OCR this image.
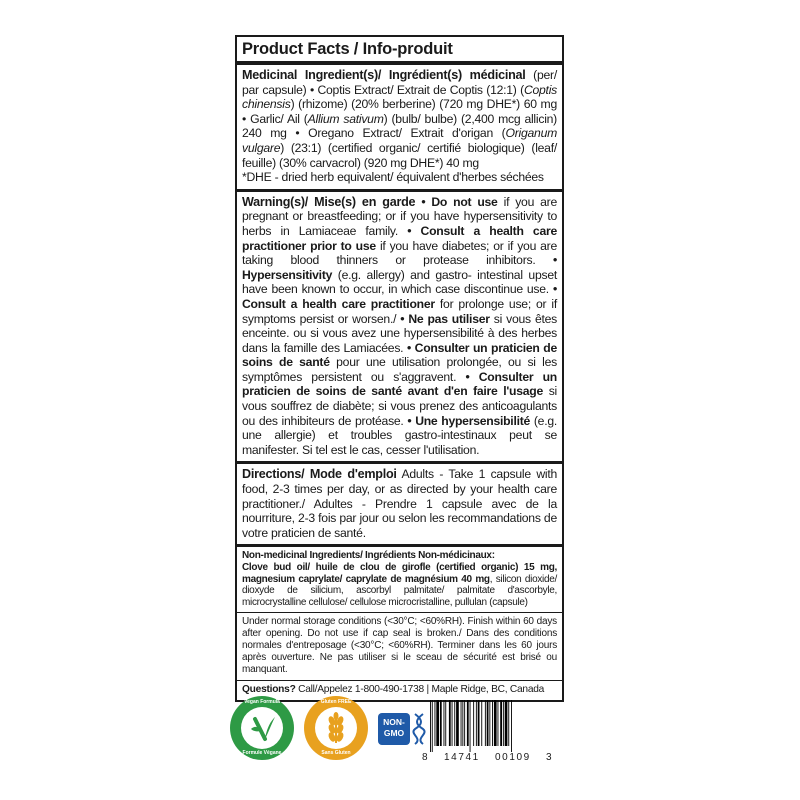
Product Facts / Info-produit
Medicinal Ingredient(s)/ Ingrédient(s) médicinal (per/ par capsule) • Coptis Extract/ Extrait de Coptis (12:1) (Coptis chinensis) (rhizome) (20% berberine) (720 mg DHE*) 60 mg • Garlic/ Ail (Allium sativum) (bulb/ bulbe) (2,400 mcg allicin) 240 mg • Oregano Extract/ Extrait d'origan (Origanum vulgare) (23:1) (certified organic/ certifié biologique) (leaf/ feuille) (30% carvacrol) (920 mg DHE*) 40 mg
*DHE - dried herb equivalent/ équivalent d'herbes séchées
Warning(s)/ Mise(s) en garde • Do not use if you are pregnant or breastfeeding; or if you have hypersensitivity to herbs in Lamiaceae family. • Consult a health care practitioner prior to use if you have diabetes; or if you are taking blood thinners or protease inhibitors. • Hypersensitivity (e.g. allergy) and gastro- intestinal upset have been known to occur, in which case discontinue use. • Consult a health care practitioner for prolonge use; or if symptoms persist or worsen./ • Ne pas utiliser si vous êtes enceinte. ou si vous avez une hypersensibilité à des herbes dans la famille des Lamiacées. • Consulter un praticien de soins de santé pour une utilisation prolongée, ou si les symptômes persistent ou s'aggravent. • Consulter un praticien de soins de santé avant d'en faire l'usage si vous souffrez de diabète; si vous prenez des anticoagulants ou des inhibiteurs de protéase. • Une hypersensibilité (e.g. une allergie) et troubles gastro-intestinaux peut se manifester. Si tel est le cas, cesser l'utilisation.
Directions/ Mode d'emploi Adults - Take 1 capsule with food, 2-3 times per day, or as directed by your health care practitioner./ Adultes - Prendre 1 capsule avec de la nourriture, 2-3 fois par jour ou selon les recommandations de votre praticien de santé.
Non-medicinal Ingredients/ Ingrédients Non-médicinaux:
Clove bud oil/ huile de clou de girofle (certified organic) 15 mg, magnesium caprylate/ caprylate de magnésium 40 mg, silicon dioxide/ dioxyde de silicium, ascorbyl palmitate/ palmitate d'ascorbyle, microcrystalline cellulose/ cellulose microcristalline, pullulan (capsule)
Under normal storage conditions (<30°C; <60%RH). Finish within 60 days after opening. Do not use if cap seal is broken./ Dans des conditions normales d'entreposage (<30°C; <60%RH). Terminer dans les 60 jours après ouverture. Ne pas utiliser si le sceau de sécurité est brisé ou manquant.
Questions? Call/Appelez 1-800-490-1738 | Maple Ridge, BC, Canada
Vegan Formula
Formule Végane
Gluten FREE
Sans Gluten
NON- GMO
8 14741 00109 3
